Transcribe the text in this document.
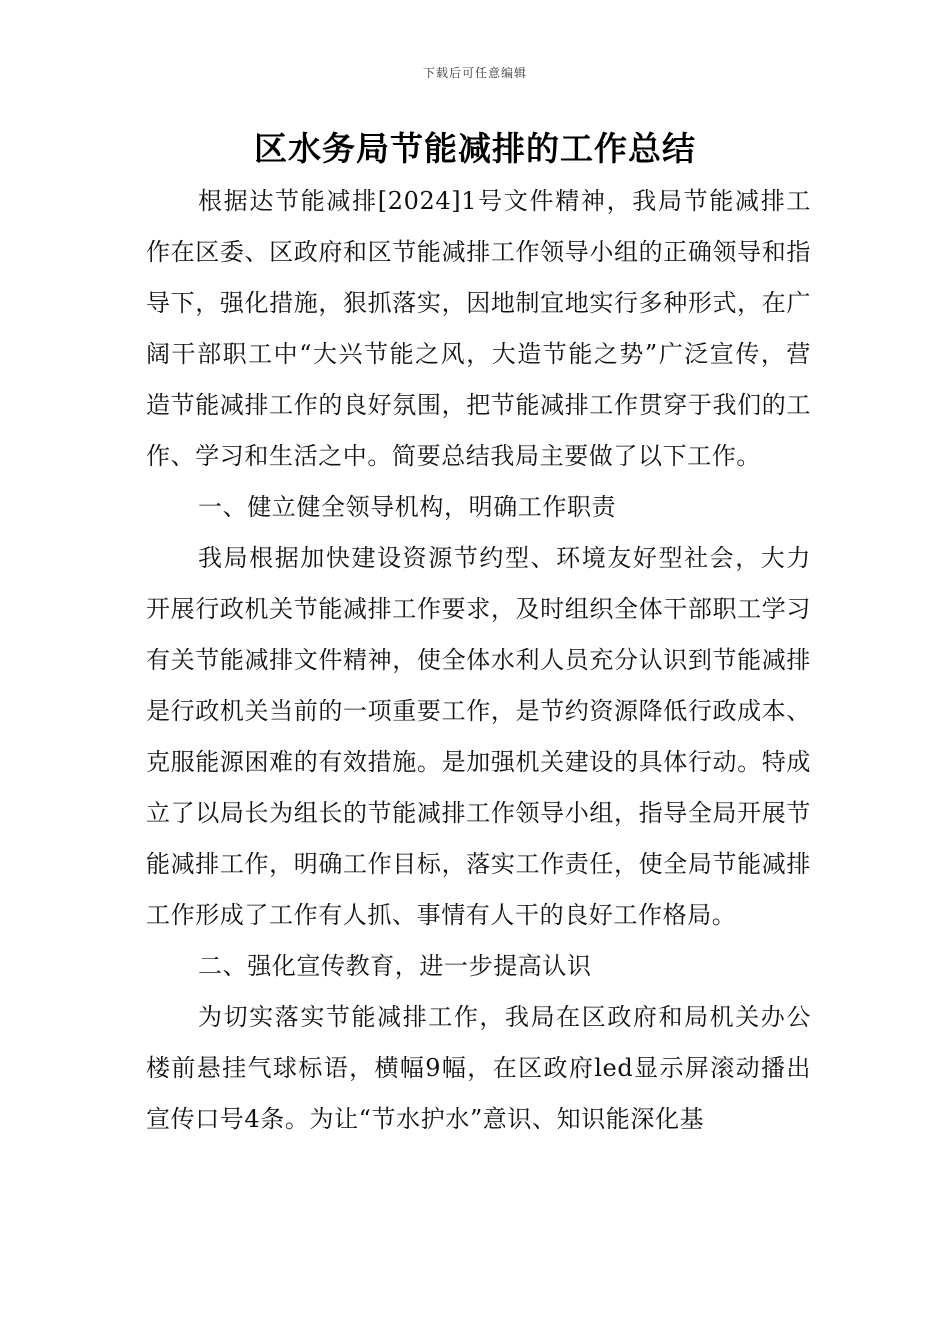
下载后可任意编辑
区水务局节能减排的工作总结

根据达节能减排[2024]1号文件精神，我局节能减排工作在区委、区政府和区节能减排工作领导小组的正确领导和指导下，强化措施，狠抓落实，因地制宜地实行多种形式，在广阔干部职工中“大兴节能之风，大造节能之势”广泛宣传，营造节能减排工作的良好氛围，把节能减排工作贯穿于我们的工作、学习和生活之中。简要总结我局主要做了以下工作。

一、健立健全领导机构，明确工作职责

我局根据加快建设资源节约型、环境友好型社会，大力开展行政机关节能减排工作要求，及时组织全体干部职工学习有关节能减排文件精神，使全体水利人员充分认识到节能减排是行政机关当前的一项重要工作，是节约资源降低行政成本、克服能源困难的有效措施。是加强机关建设的具体行动。特成立了以局长为组长的节能减排工作领导小组，指导全局开展节能减排工作，明确工作目标，落实工作责任，使全局节能减排工作形成了工作有人抓、事情有人干的良好工作格局。

二、强化宣传教育，进一步提高认识

为切实落实节能减排工作，我局在区政府和局机关办公楼前悬挂气球标语，横幅9幅，在区政府led显示屏滚动播出宣传口号4条。为让“节水护水”意识、知识能深化基
